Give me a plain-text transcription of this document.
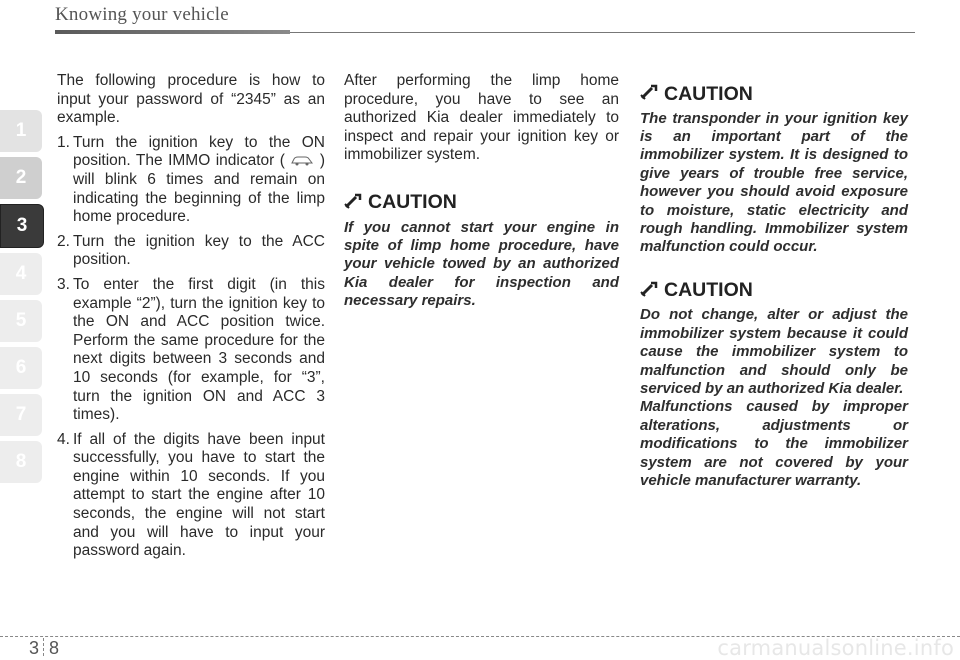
Knowing your vehicle
1
2
3
4
5
6
7
8

The following procedure is how to input your password of “2345” as an example.

1. Turn the ignition key to the ON position. The IMMO indicator (  ) will blink 6 times and remain on indicating the beginning of the limp home procedure.
2. Turn the ignition key to the ACC position.
3. To enter the first digit (in this example “2”), turn the ignition key to the ON and ACC position twice. Perform the same procedure for the next digits between 3 seconds and 10 seconds (for example, for “3”, turn the ignition ON and ACC 3 times).
4. If all of the digits have been input successfully, you have to start the engine within 10 seconds. If you attempt to start the engine after 10 seconds, the engine will not start and you will have to input your password again.

After performing the limp home procedure, you have to see an authorized Kia dealer immediately to inspect and repair your ignition key or immobilizer system.

CAUTION
If you cannot start your engine in spite of limp home procedure, have your vehicle towed by an authorized Kia dealer for inspection and necessary repairs.
CAUTION
The transponder in your ignition key is an important part of the immobilizer system. It is designed to give years of trouble free service, however you should avoid exposure to moisture, static electricity and rough handling. Immobilizer system malfunction could occur.
CAUTION
Do not change, alter or adjust the immobilizer system because it could cause the immobilizer system to malfunction and should only be serviced by an authorized Kia dealer.
Malfunctions caused by improper alterations, adjustments or modifications to the immobilizer system are not covered by your vehicle manufacturer warranty.
3 8	carmanualsonline.info
